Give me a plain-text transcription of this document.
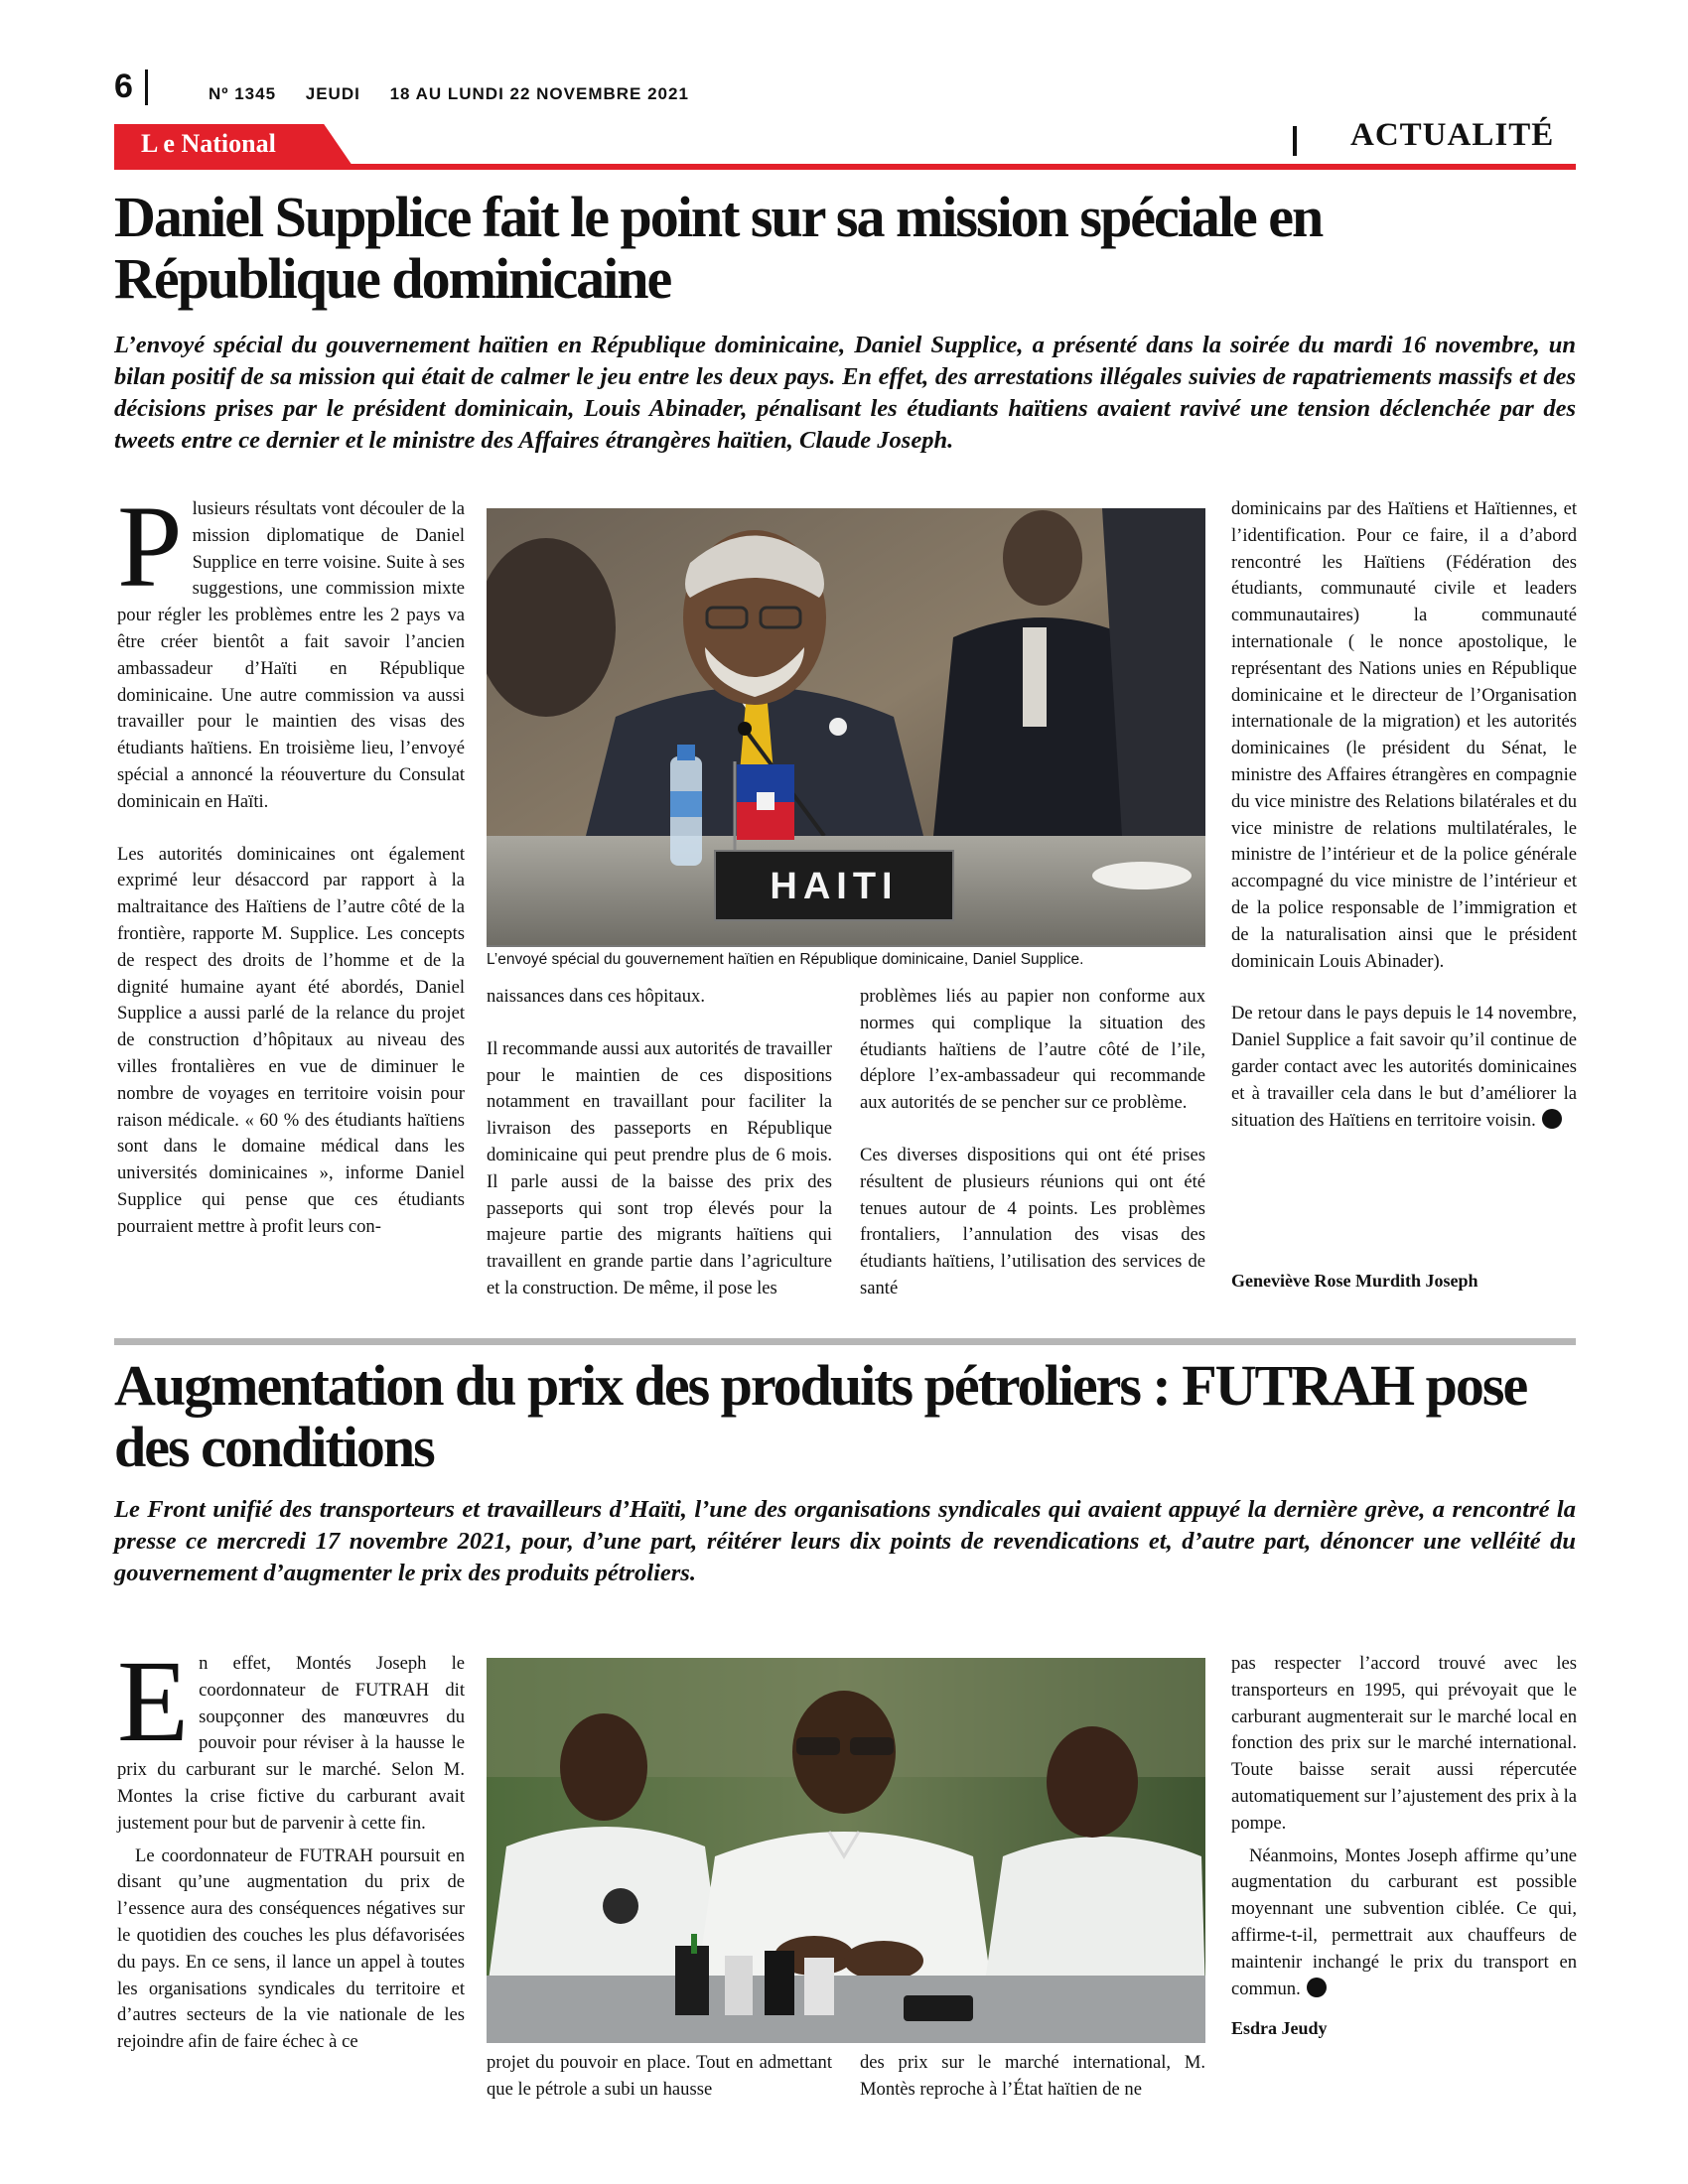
6	Nº 1345 JEUDI 18 AU LUNDI 22 NOVEMBRE 2021
L e National	ACTUALITÉ
Daniel Supplice fait le point sur sa mission spéciale en République dominicaine

L’envoyé spécial du gouvernement haïtien en République dominicaine, Daniel Supplice, a présenté dans la soirée du mardi 16 novembre, un bilan positif de sa mission qui était de calmer le jeu entre les deux pays. En effet, des arrestations illégales suivies de rapatriements massifs et des décisions prises par le président dominicain, Louis Abinader, pénalisant les étudiants haïtiens avaient ravivé une tension déclenchée par des tweets entre ce dernier et le ministre des Affaires étrangères haïtien, Claude Joseph.

Plusieurs résultats vont découler de la mission diplomatique de Daniel Supplice en terre voisine. Suite à ses suggestions, une commission mixte pour régler les problèmes entre les 2 pays va être créer bientôt a fait savoir l’ancien ambassadeur d’Haïti en République dominicaine. Une autre commission va aussi travailler pour le maintien des visas des étudiants haïtiens. En troisième lieu, l’envoyé spécial a annoncé la réouverture du Consulat dominicain en Haïti.

Les autorités dominicaines ont également exprimé leur désaccord par rapport à la maltraitance des Haïtiens de l’autre côté de la frontière, rapporte M. Supplice. Les concepts de respect des droits de l’homme et de la dignité humaine ayant été abordés, Daniel Supplice a aussi parlé de la relance du projet de construction d’hôpitaux au niveau des villes frontalières en vue de diminuer le nombre de voyages en territoire voisin pour raison médicale. « 60 % des étudiants haïtiens sont dans le domaine médical dans les universités dominicaines », informe Daniel Supplice qui pense que ces étudiants pourraient mettre à profit leurs con-

HAITI
L’envoyé spécial du gouvernement haïtien en République dominicaine, Daniel Supplice.

naissances dans ces hôpitaux.

Il recommande aussi aux autorités de travailler pour le maintien de ces dispositions notamment en travaillant pour faciliter la livraison des passeports en République dominicaine qui peut prendre plus de 6 mois. Il parle aussi de la baisse des prix des passeports qui sont trop élevés pour la majeure partie des migrants haïtiens qui travaillent en grande partie dans l’agriculture et la construction. De même, il pose les

problèmes liés au papier non conforme aux normes qui complique la situation des étudiants haïtiens de l’autre côté de l’ile, déplore l’ex-ambassadeur qui recommande aux autorités de se pencher sur ce problème.

Ces diverses dispositions qui ont été prises résultent de plusieurs réunions qui ont été tenues autour de 4 points. Les problèmes frontaliers, l’annulation des visas des étudiants haïtiens, l’utilisation des services de santé

dominicains par des Haïtiens et Haïtiennes, et l’identification. Pour ce faire, il a d’abord rencontré les Haïtiens (Fédération des étudiants, communauté civile et leaders communautaires) la communauté internationale ( le nonce apostolique, le représentant des Nations unies en République dominicaine et le directeur de l’Organisation internationale de la migration) et les autorités dominicaines (le président du Sénat, le ministre des Affaires étrangères en compagnie du vice ministre des Relations bilatérales et du vice ministre de relations multilatérales, le ministre de l’intérieur et de la police générale accompagné du vice ministre de l’intérieur et de la police responsable de l’immigration et de la naturalisation ainsi que le président dominicain Louis Abinader).

De retour dans le pays depuis le 14 novembre, Daniel Supplice a fait savoir qu’il continue de garder contact avec les autorités dominicaines et à travailler cela dans le but d’améliorer la situation des Haïtiens en territoire voisin.

Geneviève Rose Murdith Joseph
Augmentation du prix des produits pétroliers : FUTRAH pose des conditions

Le Front unifié des transporteurs et travailleurs d’Haïti, l’une des organisations syndicales qui avaient appuyé la dernière grève, a rencontré la presse ce mercredi 17 novembre 2021, pour, d’une part, réitérer leurs dix points de revendications et, d’autre part, dénoncer une velléité du gouvernement d’augmenter le prix des produits pétroliers.

En effet, Montés Joseph le coordonnateur de FUTRAH dit soupçonner des manœuvres du pouvoir pour réviser à la hausse le prix du carburant sur le marché. Selon M. Montes la crise fictive du carburant avait justement pour but de parvenir à cette fin.

Le coordonnateur de FUTRAH poursuit en disant qu’une augmentation du prix de l’essence aura des conséquences négatives sur le quotidien des couches les plus défavorisées du pays. En ce sens, il lance un appel à toutes les organisations syndicales du territoire et d’autres secteurs de la vie nationale de les rejoindre afin de faire échec à ce

projet du pouvoir en place. Tout en admettant que le pétrole a subi un hausse

des prix sur le marché international, M. Montès reproche à l’État haïtien de ne

pas respecter l’accord trouvé avec les transporteurs en 1995, qui prévoyait que le carburant augmenterait sur le marché local en fonction des prix sur le marché international. Toute baisse serait aussi répercutée automatiquement sur l’ajustement des prix à la pompe.

Néanmoins, Montes Joseph affirme qu’une augmentation du carburant est possible moyennant une subvention ciblée. Ce qui, affirme-t-il, permettrait aux chauffeurs de maintenir inchangé le prix du transport en commun.

Esdra Jeudy
